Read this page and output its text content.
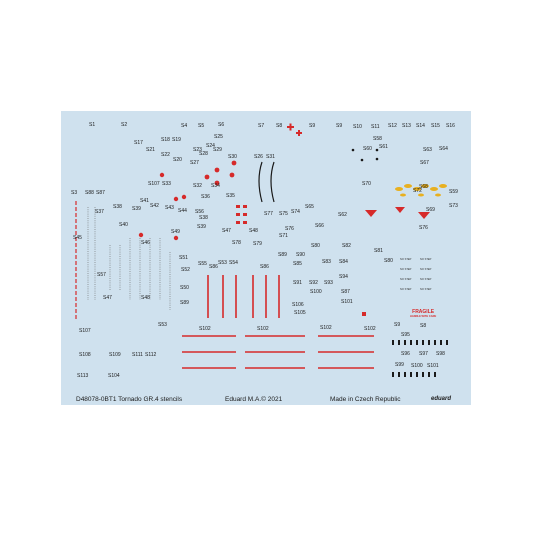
S1	S2	S4 S5	S6	S7 S8	S9	S9 S10 S11 S12 S13 S14 S15 S16
S17	S18 S19
S21	S23
S24
S25
S22
S20 S27
S26 S31
S28
S29
S30
S33	S32 S34
S35
S107
S3 S88 S87
S36
S37
S38
S41
S42 S43 S44
S39
S40
S38
S39
S47
S77 S75 S74
S76
S71
S65
S62
S70
S72
S66	S76
S73
S59
S45
S46
S49	S48
S78 S79
S51
S52
S53 S54
S55
S89 S90
S80
S81
S82
S83 S84
S85
S86	S86
S91 S92 S93
S94
S87
S100
S101
S47	S48
S57
S50
S89
S105
S106
S102
S107
S53
S102	S102	S102
S9	S8
S80
S108	S109 S111 S112
S95
S96 S97 S98
S99 S100 S101
S113	S104
S60 S61	S63
S67
S68
S69
S56
S58
S64
NO STEP	NO STEP
NO STEP	NO STEP
NO STEP	NO STEP
NO STEP	NO STEP
FRAGILE
HANDLE WITH CARE
D48078-0BT1 Tornado GR.4 stencils	Eduard M.A.© 2021	Made in Czech Republic	eduard
